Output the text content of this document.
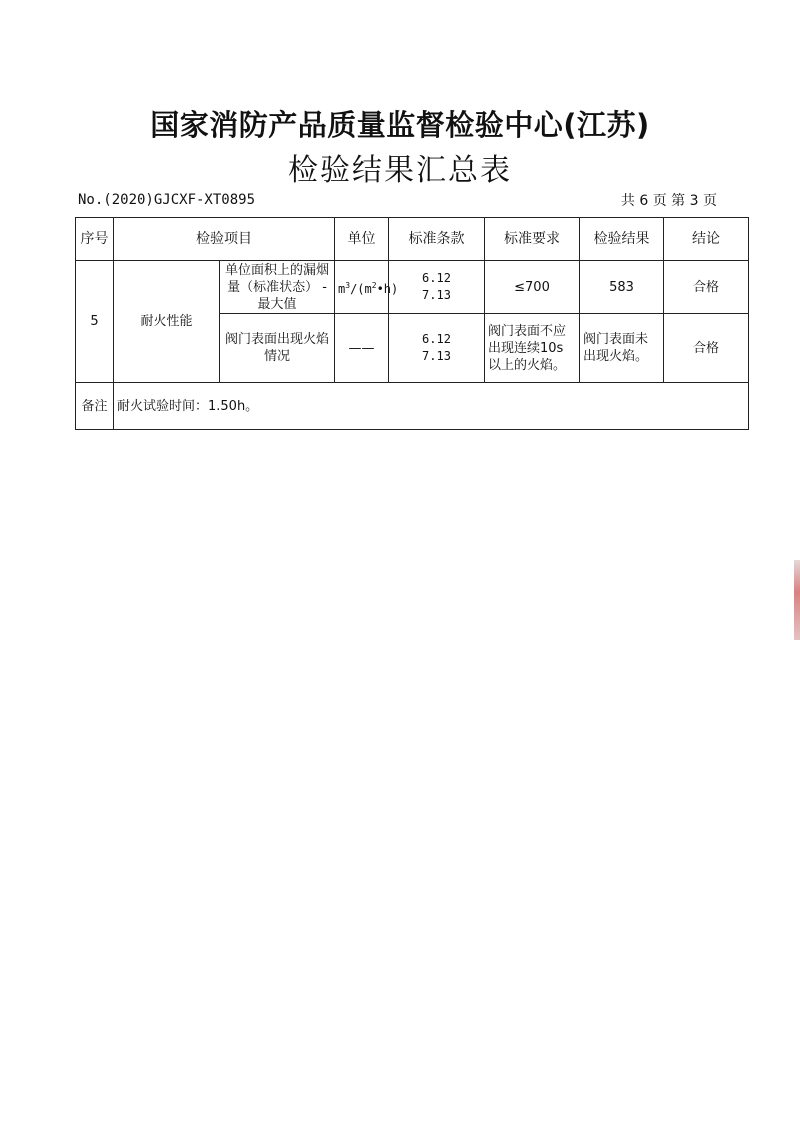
国家消防产品质量监督检验中心(江苏)
检验结果汇总表
No.(2020)GJCXF-XT0895	共 6 页 第 3 页
序号	检验项目		单位	标准条款	标准要求	检验结果	结论
5	耐火性能	单位面积上的漏烟量（标准状态） -最大值	$m^3/(m^2•h)$	6.12
7.13	≤700	583	合格
		阀门表面出现火焰情况	——	6.12
7.13	阀门表面不应出现连续10s以上的火焰。	阀门表面未出现火焰。	合格
备注	耐火试验时间：1.50h。						
